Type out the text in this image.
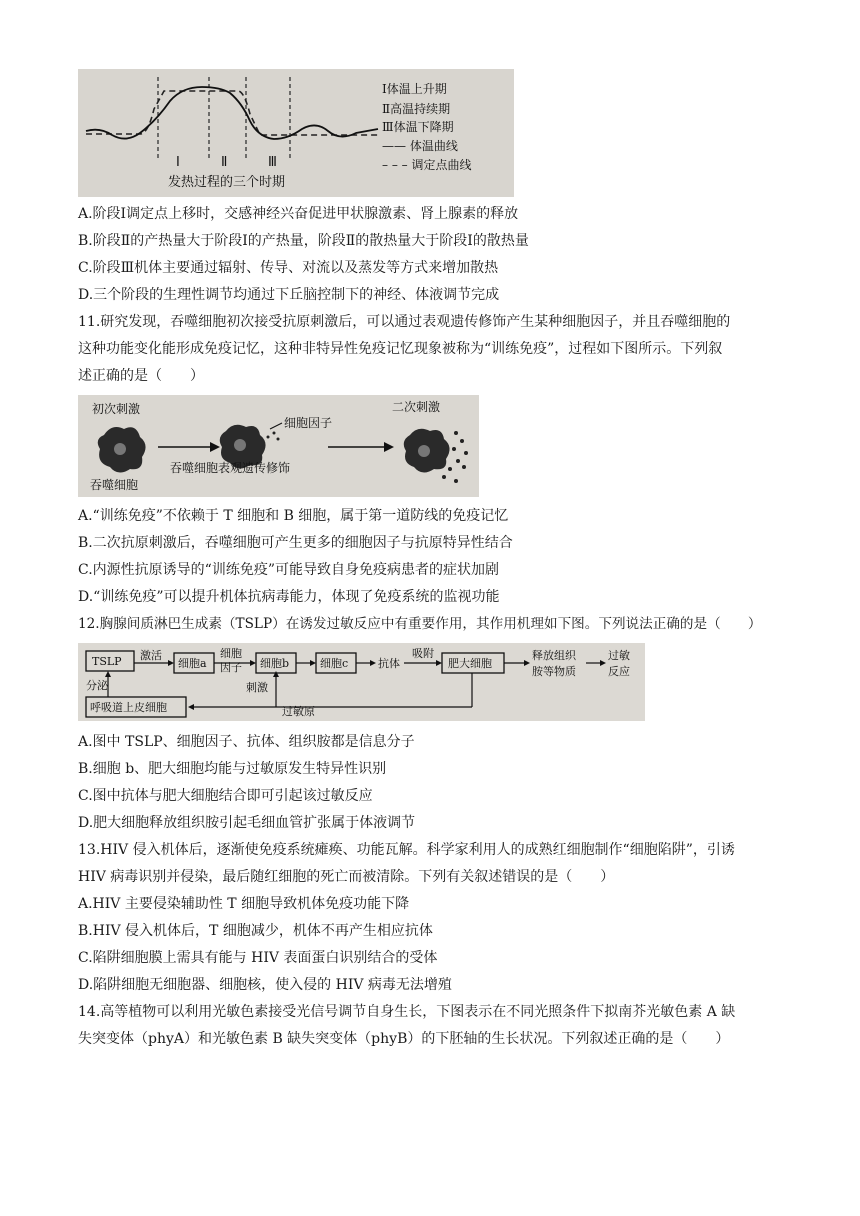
Ⅰ	Ⅱ	Ⅲ
发热过程的三个时期
Ⅰ体温上升期
Ⅱ高温持续期
Ⅲ体温下降期
—— 体温曲线
– – – 调定点曲线
A.阶段Ⅰ调定点上移时，交感神经兴奋促进甲状腺激素、肾上腺素的释放
B.阶段Ⅱ的产热量大于阶段Ⅰ的产热量，阶段Ⅱ的散热量大于阶段Ⅰ的散热量
C.阶段Ⅲ机体主要通过辐射、传导、对流以及蒸发等方式来增加散热
D.三个阶段的生理性调节均通过下丘脑控制下的神经、体液调节完成
11.研究发现，吞噬细胞初次接受抗原刺激后，可以通过表观遗传修饰产生某种细胞因子，并且吞噬细胞的
这种功能变化能形成免疫记忆，这种非特异性免疫记忆现象被称为“训练免疫”，过程如下图所示。下列叙
述正确的是（　　）
初次刺激	二次刺激
细胞因子
吞噬细胞表观遗传修饰
吞噬细胞
A.“训练免疫”不依赖于 T 细胞和 B 细胞，属于第一道防线的免疫记忆
B.二次抗原刺激后，吞噬细胞可产生更多的细胞因子与抗原特异性结合
C.内源性抗原诱导的“训练免疫”可能导致自身免疫病患者的症状加剧
D.“训练免疫”可以提升机体抗病毒能力，体现了免疫系统的监视功能
12.胸腺间质淋巴生成素（TSLP）在诱发过敏反应中有重要作用，其作用机理如下图。下列说法正确的是（　　）
TSLP 激活
细胞a
细胞
因子 细胞b	细胞c	抗体
吸附
肥大细胞
释放组织
胺等物质
过敏
反应
刺激
分泌
呼吸道上皮细胞	过敏原
A.图中 TSLP、细胞因子、抗体、组织胺都是信息分子
B.细胞 b、肥大细胞均能与过敏原发生特异性识别
C.图中抗体与肥大细胞结合即可引起该过敏反应
D.肥大细胞释放组织胺引起毛细血管扩张属于体液调节
13.HIV 侵入机体后，逐渐使免疫系统瘫痪、功能瓦解。科学家利用人的成熟红细胞制作“细胞陷阱”，引诱
HIV 病毒识别并侵染，最后随红细胞的死亡而被清除。下列有关叙述错误的是（　　）
A.HIV 主要侵染辅助性 T 细胞导致机体免疫功能下降
B.HIV 侵入机体后，T 细胞减少，机体不再产生相应抗体
C.陷阱细胞膜上需具有能与 HIV 表面蛋白识别结合的受体
D.陷阱细胞无细胞器、细胞核，使入侵的 HIV 病毒无法增殖
14.高等植物可以利用光敏色素接受光信号调节自身生长，下图表示在不同光照条件下拟南芥光敏色素 A 缺
失突变体（phyA）和光敏色素 B 缺失突变体（phyB）的下胚轴的生长状况。下列叙述正确的是（　　）
